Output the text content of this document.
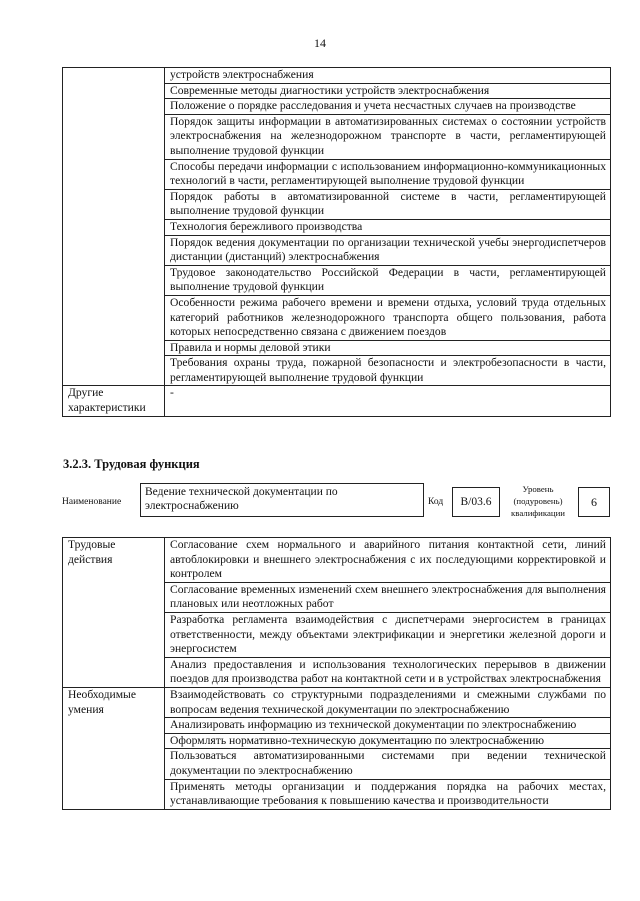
14
	устройств электроснабжения
	Современные методы диагностики устройств электроснабжения
	Положение о порядке расследования и учета несчастных случаев на производстве
	Порядок защиты информации в автоматизированных системах о состоянии устройств электроснабжения на железнодорожном транспорте в части, регламентирующей выполнение трудовой функции
	Способы передачи информации с использованием информационно-коммуникационных технологий в части, регламентирующей выполнение трудовой функции
	Порядок работы в автоматизированной системе в части, регламентирующей выполнение трудовой функции
	Технология бережливого производства
	Порядок ведения документации по организации технической учебы энергодиспетчеров дистанции (дистанций) электроснабжения
	Трудовое законодательство Российской Федерации в части, регламентирующей выполнение трудовой функции
	Особенности режима рабочего времени и времени отдыха, условий труда отдельных категорий работников железнодорожного транспорта общего пользования, работа которых непосредственно связана с движением поездов
	Правила и нормы деловой этики
	Требования охраны труда, пожарной безопасности и электробезопасности в части, регламентирующей выполнение трудовой функции
Другие характеристики	-
3.2.3. Трудовая функция
Наименование
Ведение технической документации по электроснабжению	Код	B/03.6
Уровень (подуровень) квалификации
6
Трудовые действия	Согласование схем нормального и аварийного питания контактной сети, линий автоблокировки и внешнего электроснабжения с их последующими корректировкой и контролем
	Согласование временных изменений схем внешнего электроснабжения для выполнения плановых или неотложных работ
	Разработка регламента взаимодействия с диспетчерами энергосистем в границах ответственности, между объектами электрификации и энергетики железной дороги и энергосистем
	Анализ предоставления и использования технологических перерывов в движении поездов для производства работ на контактной сети и в устройствах электроснабжения
Необходимые умения	Взаимодействовать со структурными подразделениями и смежными службами по вопросам ведения технической документации по электроснабжению
	Анализировать информацию из технической документации по электроснабжению
	Оформлять нормативно-техническую документацию по электроснабжению
	Пользоваться автоматизированными системами при ведении технической документации по электроснабжению
	Применять методы организации и поддержания порядка на рабочих местах, устанавливающие требования к повышению качества и производительности
